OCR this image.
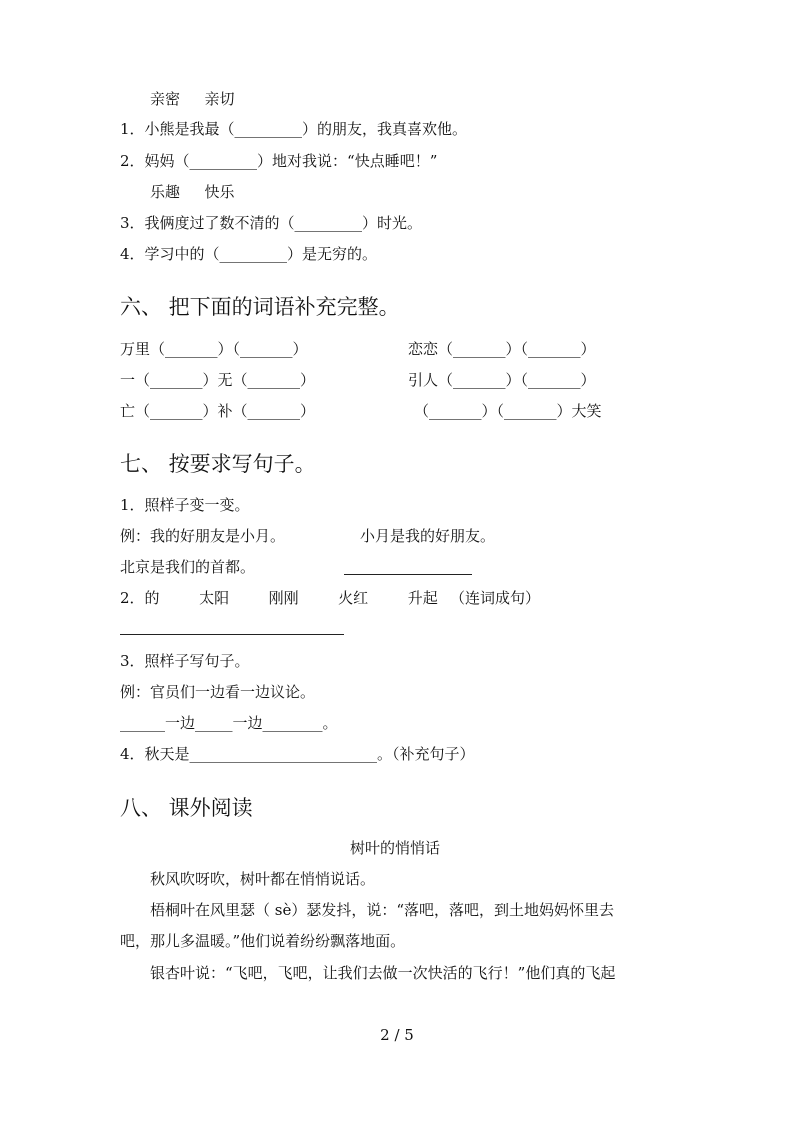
亲密 　 亲切
1．小熊是我最（_________）的朋友，我真喜欢他。
2．妈妈（_________）地对我说：“快点睡吧！”
乐趣 　 快乐
3．我俩度过了数不清的（_________）时光。
4．学习中的（_________）是无穷的。
六、 把下面的词语补充完整。
万里（_______）（_______）	恋恋（_______）（_______）
一（_______）无（_______）	引人（_______）（_______）
亡（_______）补（_______）	（_______）（_______）大笑
七、 按要求写句子。
1．照样子变一变。
例：我的好朋友是小月。	小月是我的好朋友。
北京是我们的首都。
2．的 　 　太阳 　 　刚刚 　 　火红 　 　升起 　（连词成句）
3．照样子写句子。
例：官员们一边看一边议论。
______一边_____一边________。
4．秋天是_________________________。（补充句子）
八、 课外阅读
树叶的悄悄话
秋风吹呀吹，树叶都在悄悄说话。
梧桐叶在风里瑟（ sè）瑟发抖，说：“落吧，落吧，到土地妈妈怀里去
吧，那儿多温暖。”他们说着纷纷飘落地面。
银杏叶说：“飞吧，飞吧，让我们去做一次快活的飞行！”他们真的飞起
2 / 5
